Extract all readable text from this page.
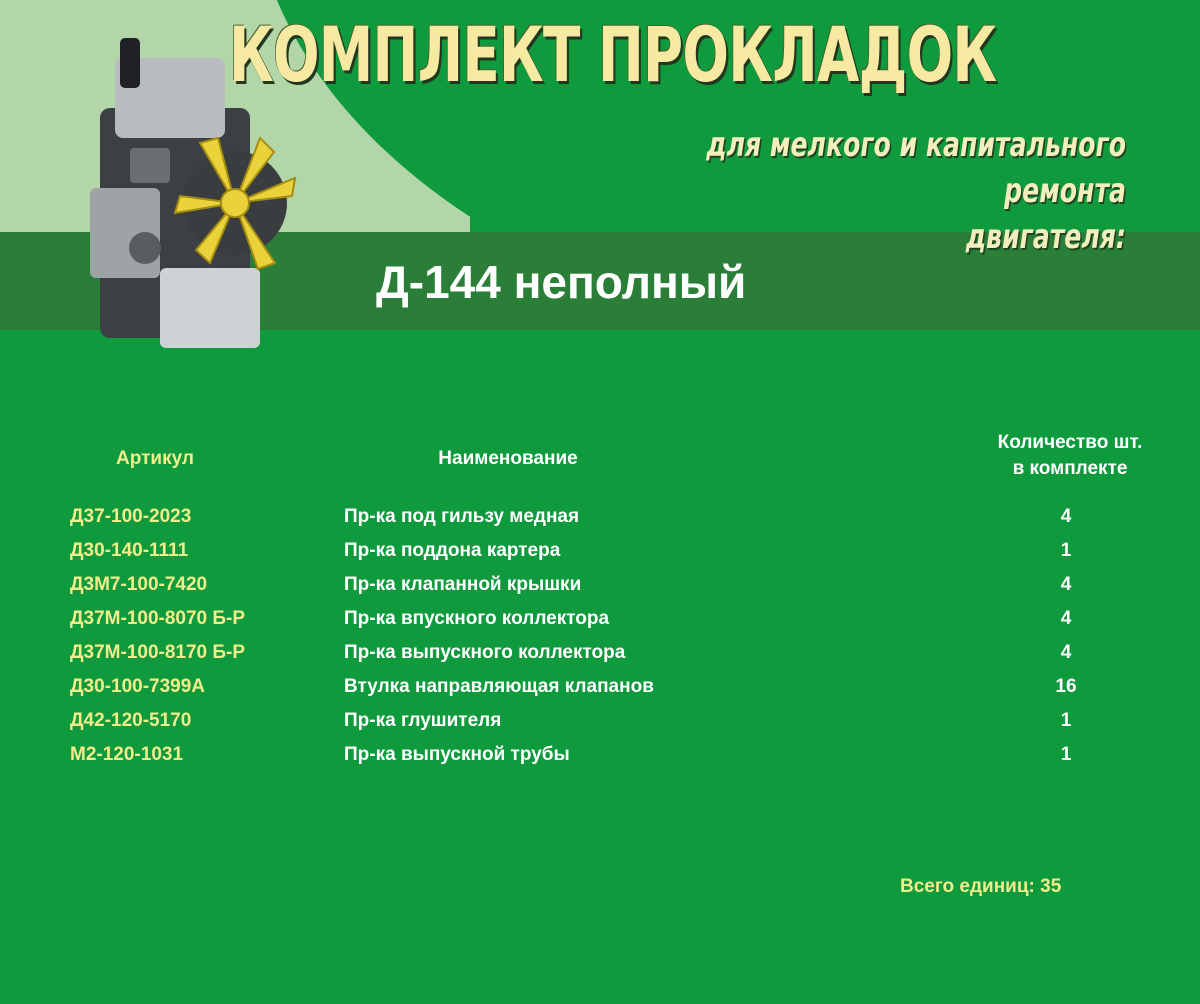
КОМПЛЕКТ ПРОКЛАДОК
для мелкого и капитального ремонта
двигателя:
Д-144 неполный
Артикул	Наименование
Количество шт.
в комплекте
Д37-100-2023	Пр-ка под гильзу медная	4
Д30-140-1111	Пр-ка поддона картера	1
Д3М7-100-7420	Пр-ка клапанной крышки	4
Д37М-100-8070 Б-Р	Пр-ка впускного коллектора	4
Д37М-100-8170 Б-Р	Пр-ка выпускного коллектора	4
Д30-100-7399А	Втулка направляющая клапанов	16
Д42-120-5170	Пр-ка глушителя	1
М2-120-1031	Пр-ка выпускной трубы	1
Всего единиц: 35
